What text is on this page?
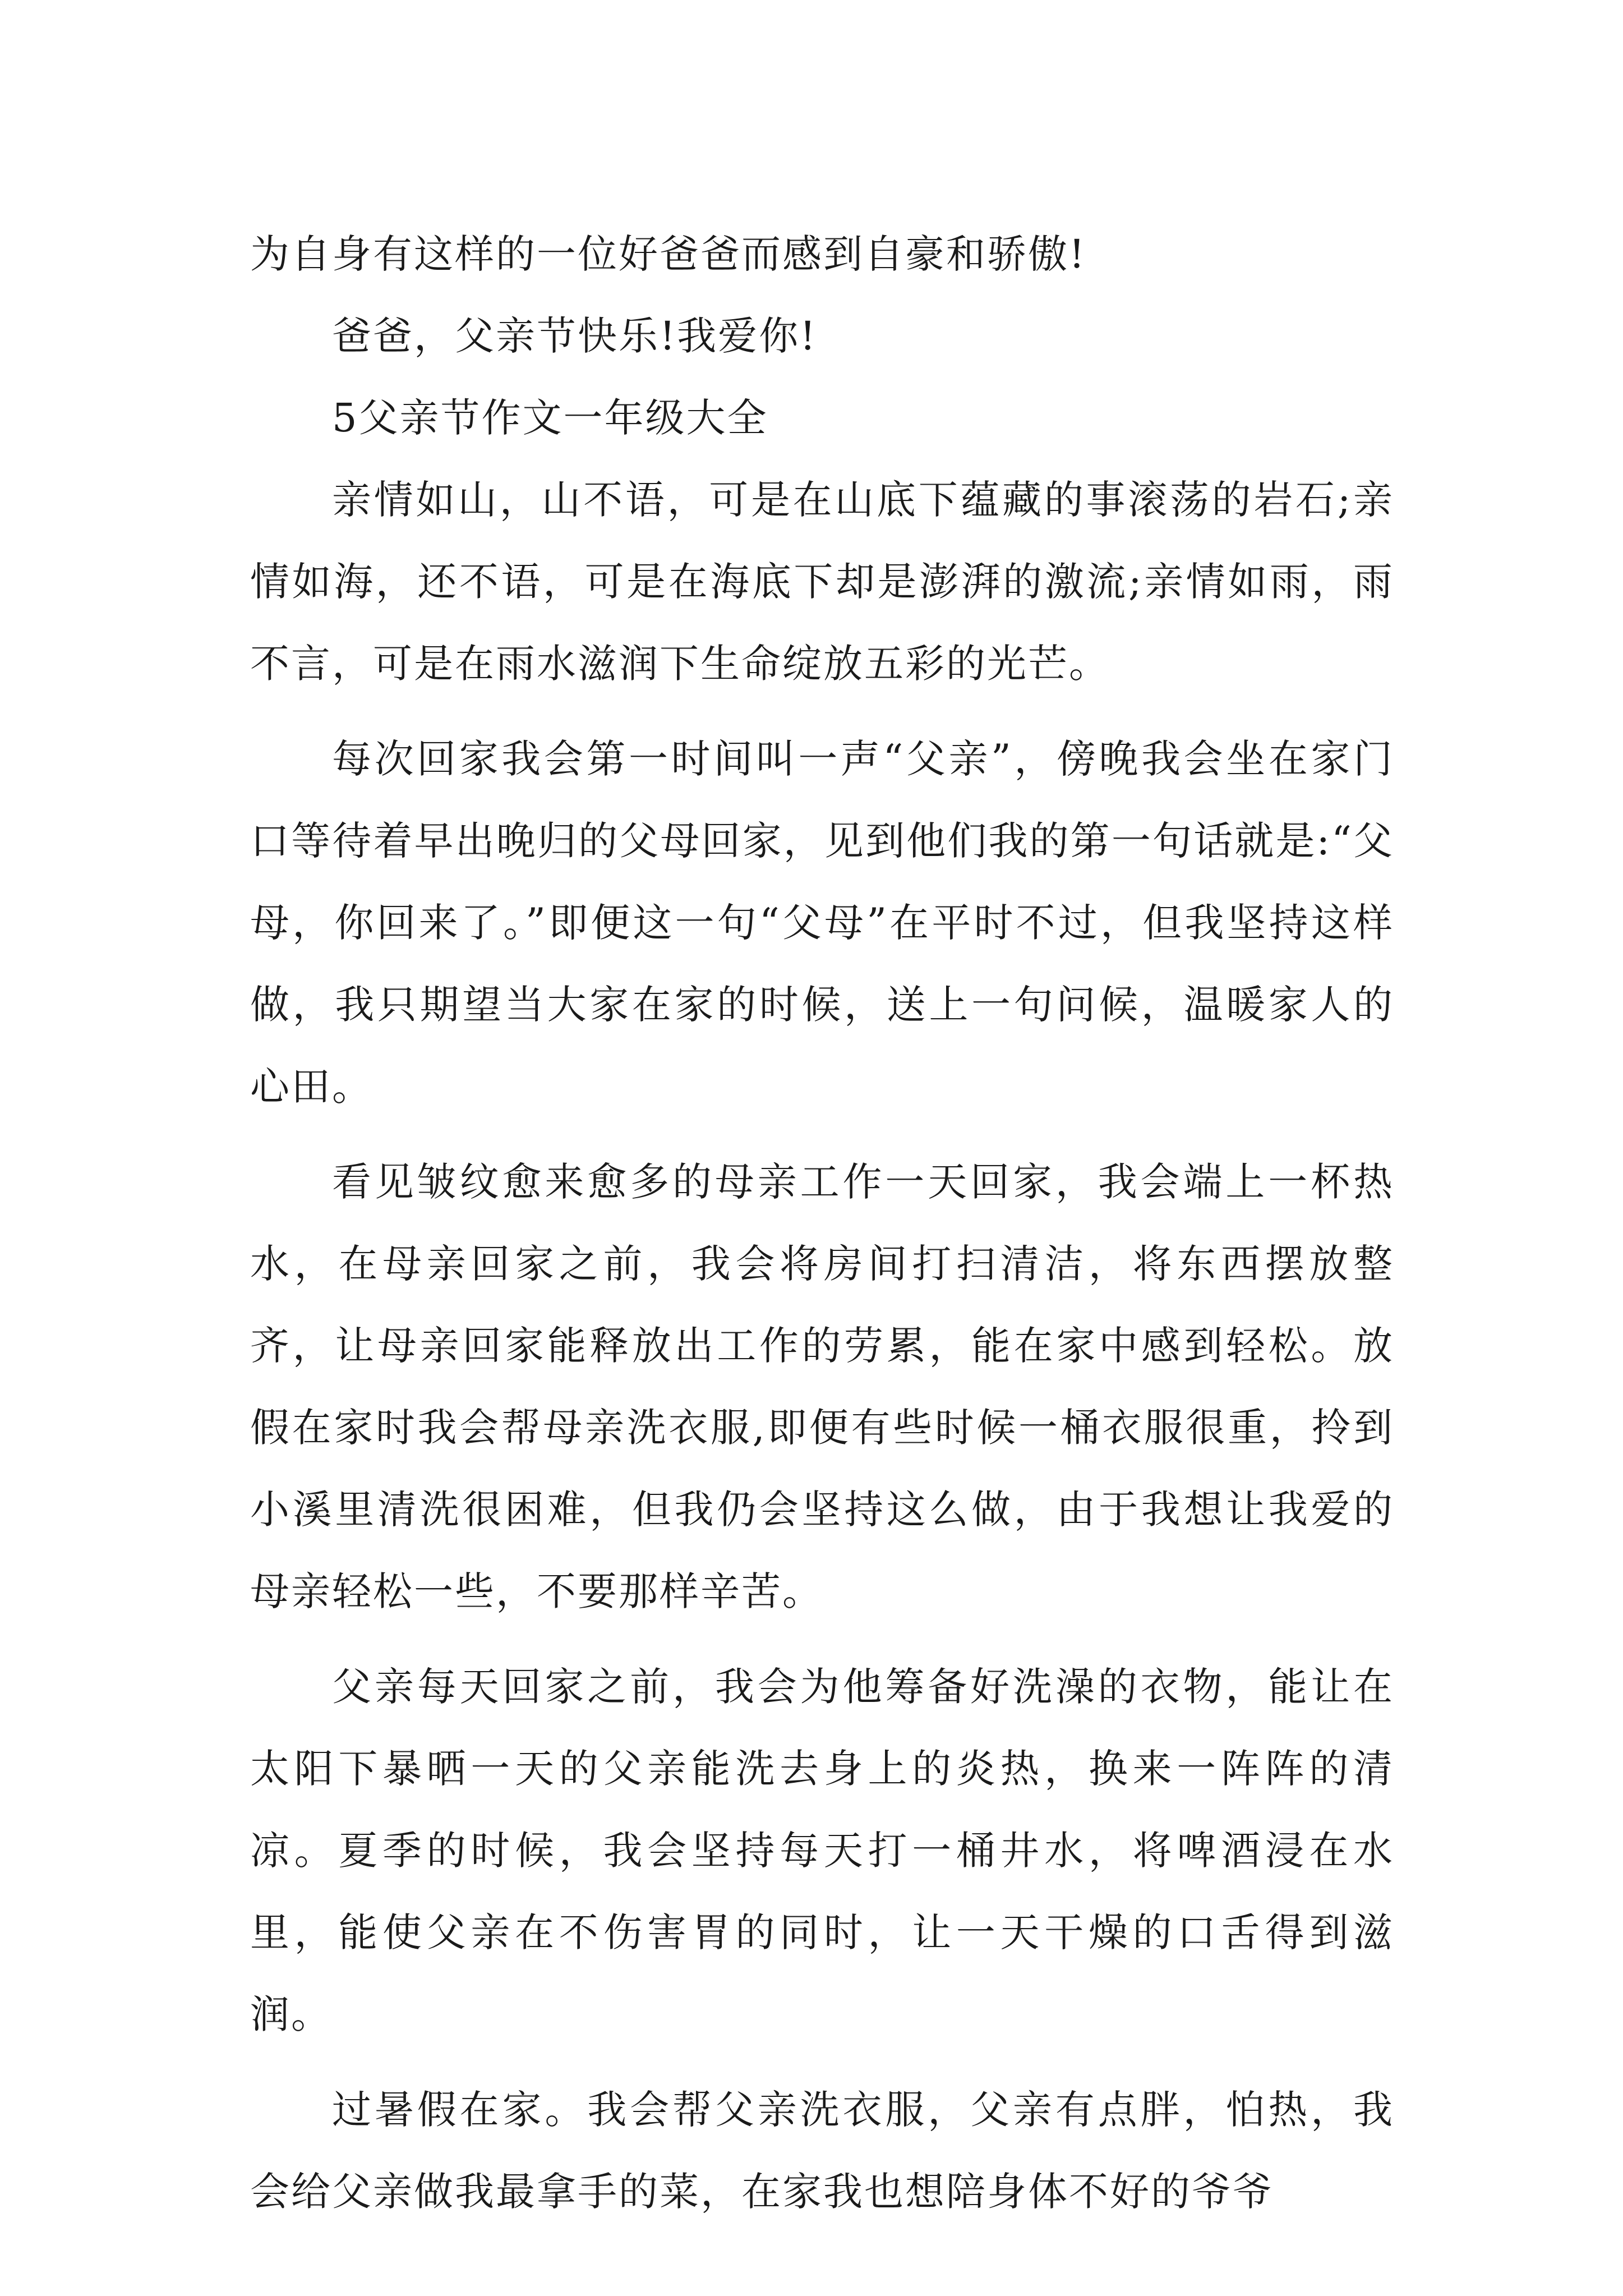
为自身有这样的一位好爸爸而感到自豪和骄傲!

爸爸，父亲节快乐!我爱你!

5父亲节作文一年级大全

亲情如山，山不语，可是在山底下蕴藏的事滚荡的岩石;亲情如海，还不语，可是在海底下却是澎湃的激流;亲情如雨，雨不言，可是在雨水滋润下生命绽放五彩的光芒。

每次回家我会第一时间叫一声“父亲”，傍晚我会坐在家门口等待着早出晚归的父母回家，见到他们我的第一句话就是:“父母，你回来了。”即便这一句“父母”在平时不过，但我坚持这样做，我只期望当大家在家的时候，送上一句问候，温暖家人的心田。

看见皱纹愈来愈多的母亲工作一天回家，我会端上一杯热水，在母亲回家之前，我会将房间打扫清洁，将东西摆放整齐，让母亲回家能释放出工作的劳累，能在家中感到轻松。放假在家时我会帮母亲洗衣服,即便有些时候一桶衣服很重，拎到小溪里清洗很困难，但我仍会坚持这么做，由于我想让我爱的母亲轻松一些，不要那样辛苦。

父亲每天回家之前，我会为他筹备好洗澡的衣物，能让在太阳下暴晒一天的父亲能洗去身上的炎热，换来一阵阵的清凉。夏季的时候，我会坚持每天打一桶井水，将啤酒浸在水里，能使父亲在不伤害胃的同时，让一天干燥的口舌得到滋润。

过暑假在家。我会帮父亲洗衣服，父亲有点胖，怕热，我会给父亲做我最拿手的菜，在家我也想陪身体不好的爷爷
